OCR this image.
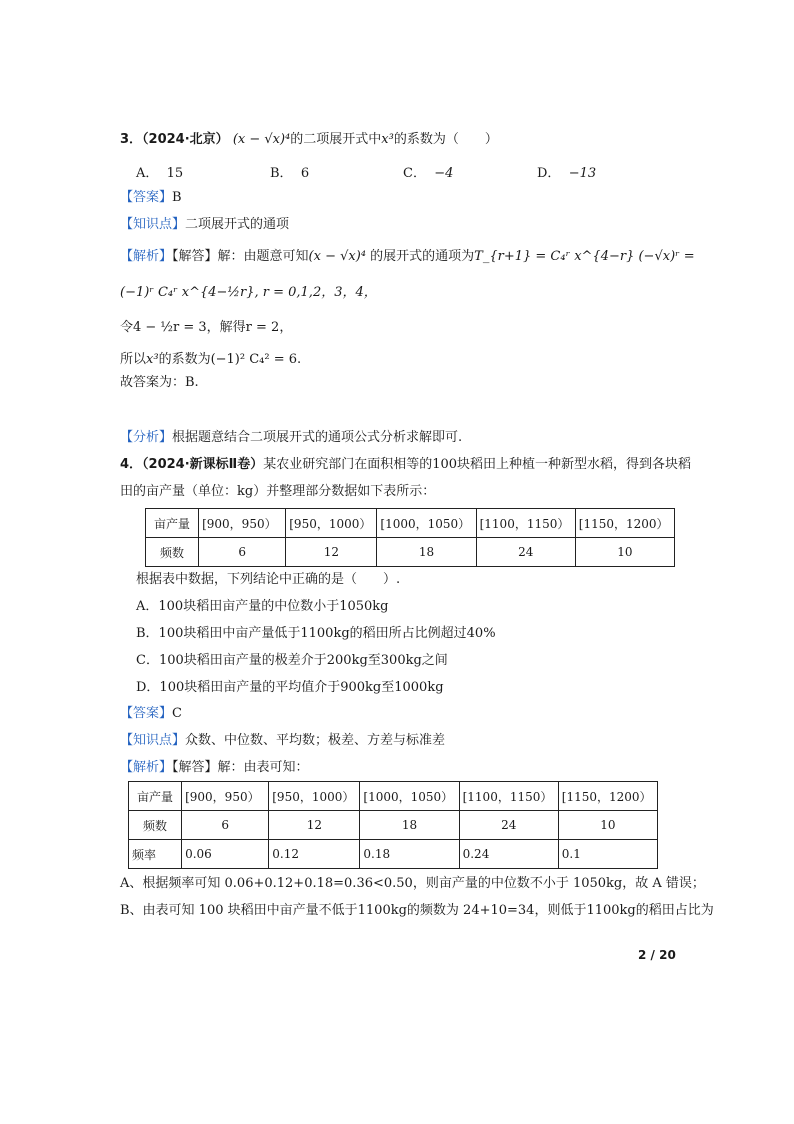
3．（2024·北京） (x − √x)⁴的二项展开式中x³的系数为（　　）
A． 15	B． 6	C． −4	D． −13
【答案】B
【知识点】二项展开式的通项
【解析】【解答】解：由题意可知(x − √x)⁴ 的展开式的通项为T_{r+1} = C₄ʳ x^{4−r} (−√x)ʳ =
(−1)ʳ C₄ʳ x^{4−½r}, r = 0,1,2，3，4，
令4 − ½r = 3，解得r = 2，
所以x³的系数为(−1)² C₄² = 6.
故答案为：B.
【分析】根据题意结合二项展开式的通项公式分析求解即可.
4．（2024·新课标Ⅱ卷）某农业研究部门在面积相等的100块稻田上种植一种新型水稻，得到各块稻
田的亩产量（单位：kg）并整理部分数据如下表所示：
亩产量	[900，950）	[950，1000）	[1000，1050）	[1100，1150）	[1150，1200）
频数	6	12	18	24	10
根据表中数据，下列结论中正确的是（　　）.
A．100块稻田亩产量的中位数小于1050kg
B．100块稻田中亩产量低于1100kg的稻田所占比例超过40%
C．100块稻田亩产量的极差介于200kg至300kg之间
D．100块稻田亩产量的平均值介于900kg至1000kg
【答案】C
【知识点】众数、中位数、平均数；极差、方差与标准差
【解析】【解答】解：由表可知：
亩产量	[900，950）	[950，1000）	[1000，1050）	[1100，1150）	[1150，1200）
频数	6	12	18	24	10
频率	0.06	0.12	0.18	0.24	0.1
A、根据频率可知 0.06+0.12+0.18=0.36<0.50，则亩产量的中位数不小于 1050kg，故 A 错误；
B、由表可知 100 块稻田中亩产量不低于1100kg的频数为 24+10=34，则低于1100kg的稻田占比为
2 / 20
